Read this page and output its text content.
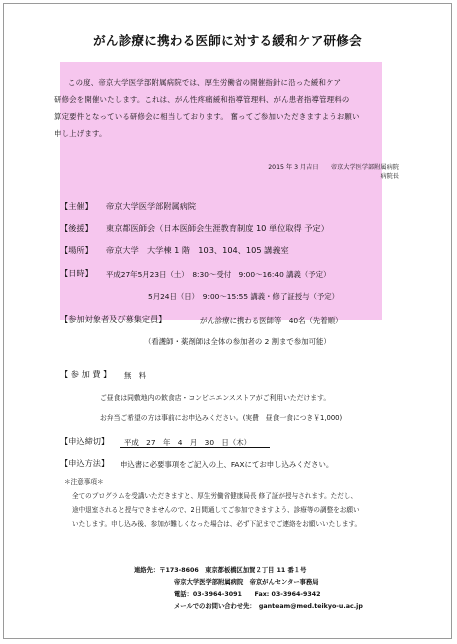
がん診療に携わる医師に対する緩和ケア研修会

この度、帝京大学医学部附属病院では、厚生労働省の開催指針に沿った緩和ケア

研修会を開催いたします。これは、がん性疼痛緩和指導管理料、がん患者指導管理料の

算定要件となっている研修会に相当しております。 奮ってご参加いただきますようお願い

申し上げます。

2015 年 3 月吉日　　帝京大学医学部附属病院
病院長
【主催】 帝京大学医学部附属病院
【後援】 東京都医師会（日本医師会生涯教育制度 10 単位取得 予定）
【場所】 帝京大学　大学棟 1 階　103、104、105 講義室
【日時】 平成27年5月23日（土）　8:30～受付　9:00～16:40 講義（予定）
5月24日（日）　9:00～15:55 講義・修了証授与（予定）
【参加対象者及び募集定員】	がん診療に携わる医師等　40名（先着順）
（看護師・薬剤師は全体の参加者の 2 割まで参加可能）
【 参 加 費 】 無　料
ご昼食は同敷地内の飲食店・コンビニエンスストアがご利用いただけます。
お弁当ご希望の方は事前にお申込みください。(実費　昼食一食につき￥1,000)
【申込締切】 平成　27　年　4　月　30　日（木）
【申込方法】 申込書に必要事項をご記入の上、FAXにてお申し込みください。

＊注意事項＊

全てのプログラムを受講いただきますと、厚生労働省健康局長 修了証が授与されます。ただし、

途中退室されると授与できませんので、2日間通してご参加できますよう、診療等の調整をお願い

いたします。申し込み後、参加が難しくなった場合は、必ず下記までご連絡をお願いいたします。

連絡先：〒173-8606　東京都板橋区加賀２丁目 11 番１号
帝京大学医学部附属病院　帝京がんセンター事務局
電話：03-3964-3091　　Fax: 03-3964-9342
メールでのお問い合わせ先：　ganteam@med.teikyo-u.ac.jp
